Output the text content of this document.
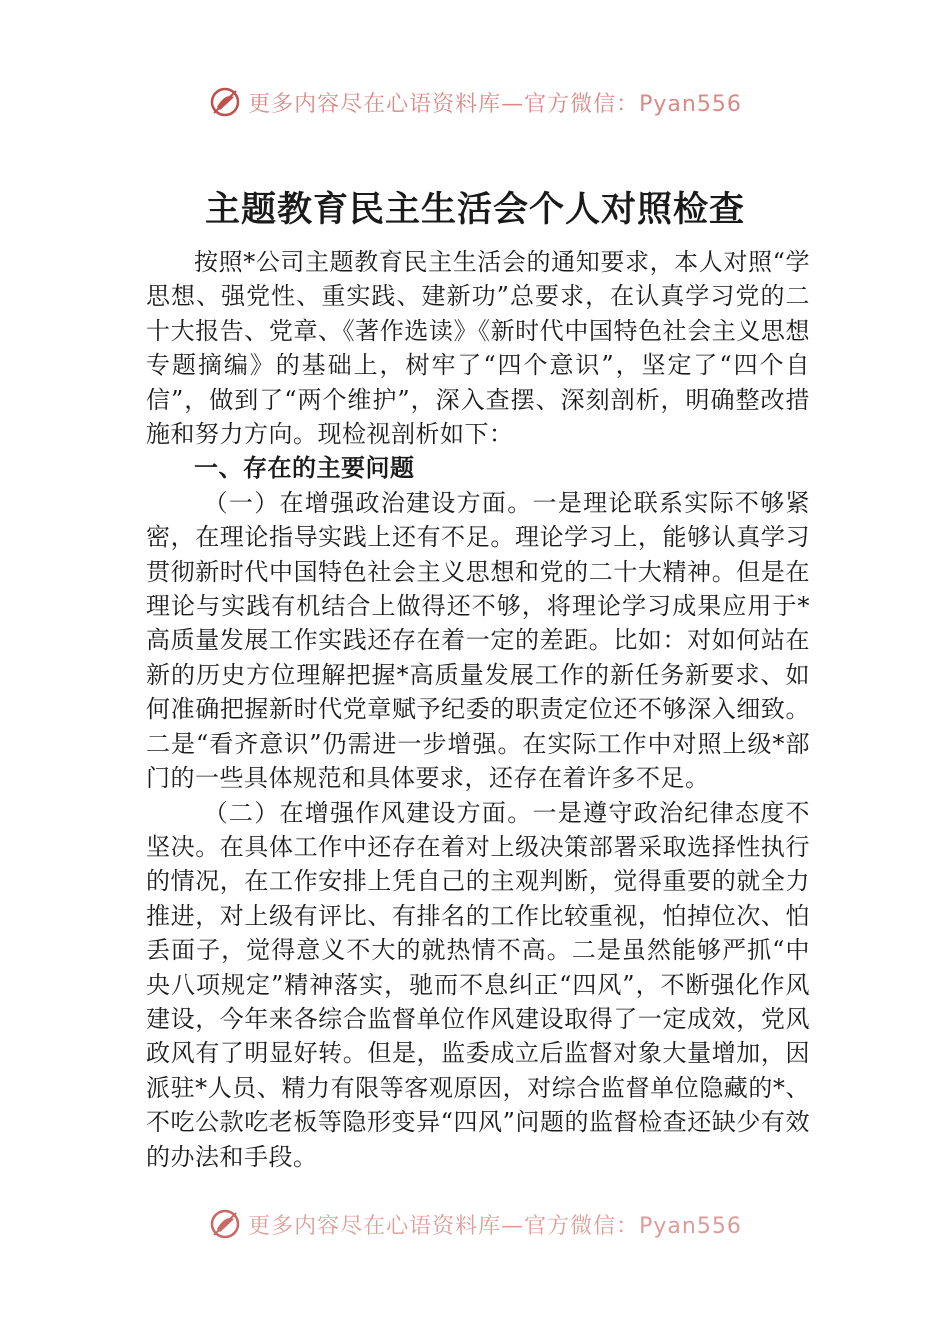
更多内容尽在心语资料库—官方微信：Pyan556
主题教育民主生活会个人对照检查

按照*公司主题教育民主生活会的通知要求，本人对照“学思想、强党性、重实践、建新功”总要求，在认真学习党的二十大报告、党章、《著作选读》《新时代中国特色社会主义思想专题摘编》的基础上，树牢了“四个意识”，坚定了“四个自信”，做到了“两个维护”，深入查摆、深刻剖析，明确整改措施和努力方向。现检视剖析如下：

一、存在的主要问题

（一）在增强政治建设方面。一是理论联系实际不够紧密，在理论指导实践上还有不足。理论学习上，能够认真学习贯彻新时代中国特色社会主义思想和党的二十大精神。但是在理论与实践有机结合上做得还不够，将理论学习成果应用于*高质量发展工作实践还存在着一定的差距。比如：对如何站在新的历史方位理解把握*高质量发展工作的新任务新要求、如何准确把握新时代党章赋予纪委的职责定位还不够深入细致。二是“看齐意识”仍需进一步增强。在实际工作中对照上级*部门的一些具体规范和具体要求，还存在着许多不足。

（二）在增强作风建设方面。一是遵守政治纪律态度不坚决。在具体工作中还存在着对上级决策部署采取选择性执行的情况，在工作安排上凭自己的主观判断，觉得重要的就全力推进，对上级有评比、有排名的工作比较重视，怕掉位次、怕丢面子，觉得意义不大的就热情不高。二是虽然能够严抓“中央八项规定”精神落实，驰而不息纠正“四风”，不断强化作风建设，今年来各综合监督单位作风建设取得了一定成效，党风政风有了明显好转。但是，监委成立后监督对象大量增加，因派驻*人员、精力有限等客观原因，对综合监督单位隐藏的*、不吃公款吃老板等隐形变异“四风”问题的监督检查还缺少有效的办法和手段。

更多内容尽在心语资料库—官方微信：Pyan556
